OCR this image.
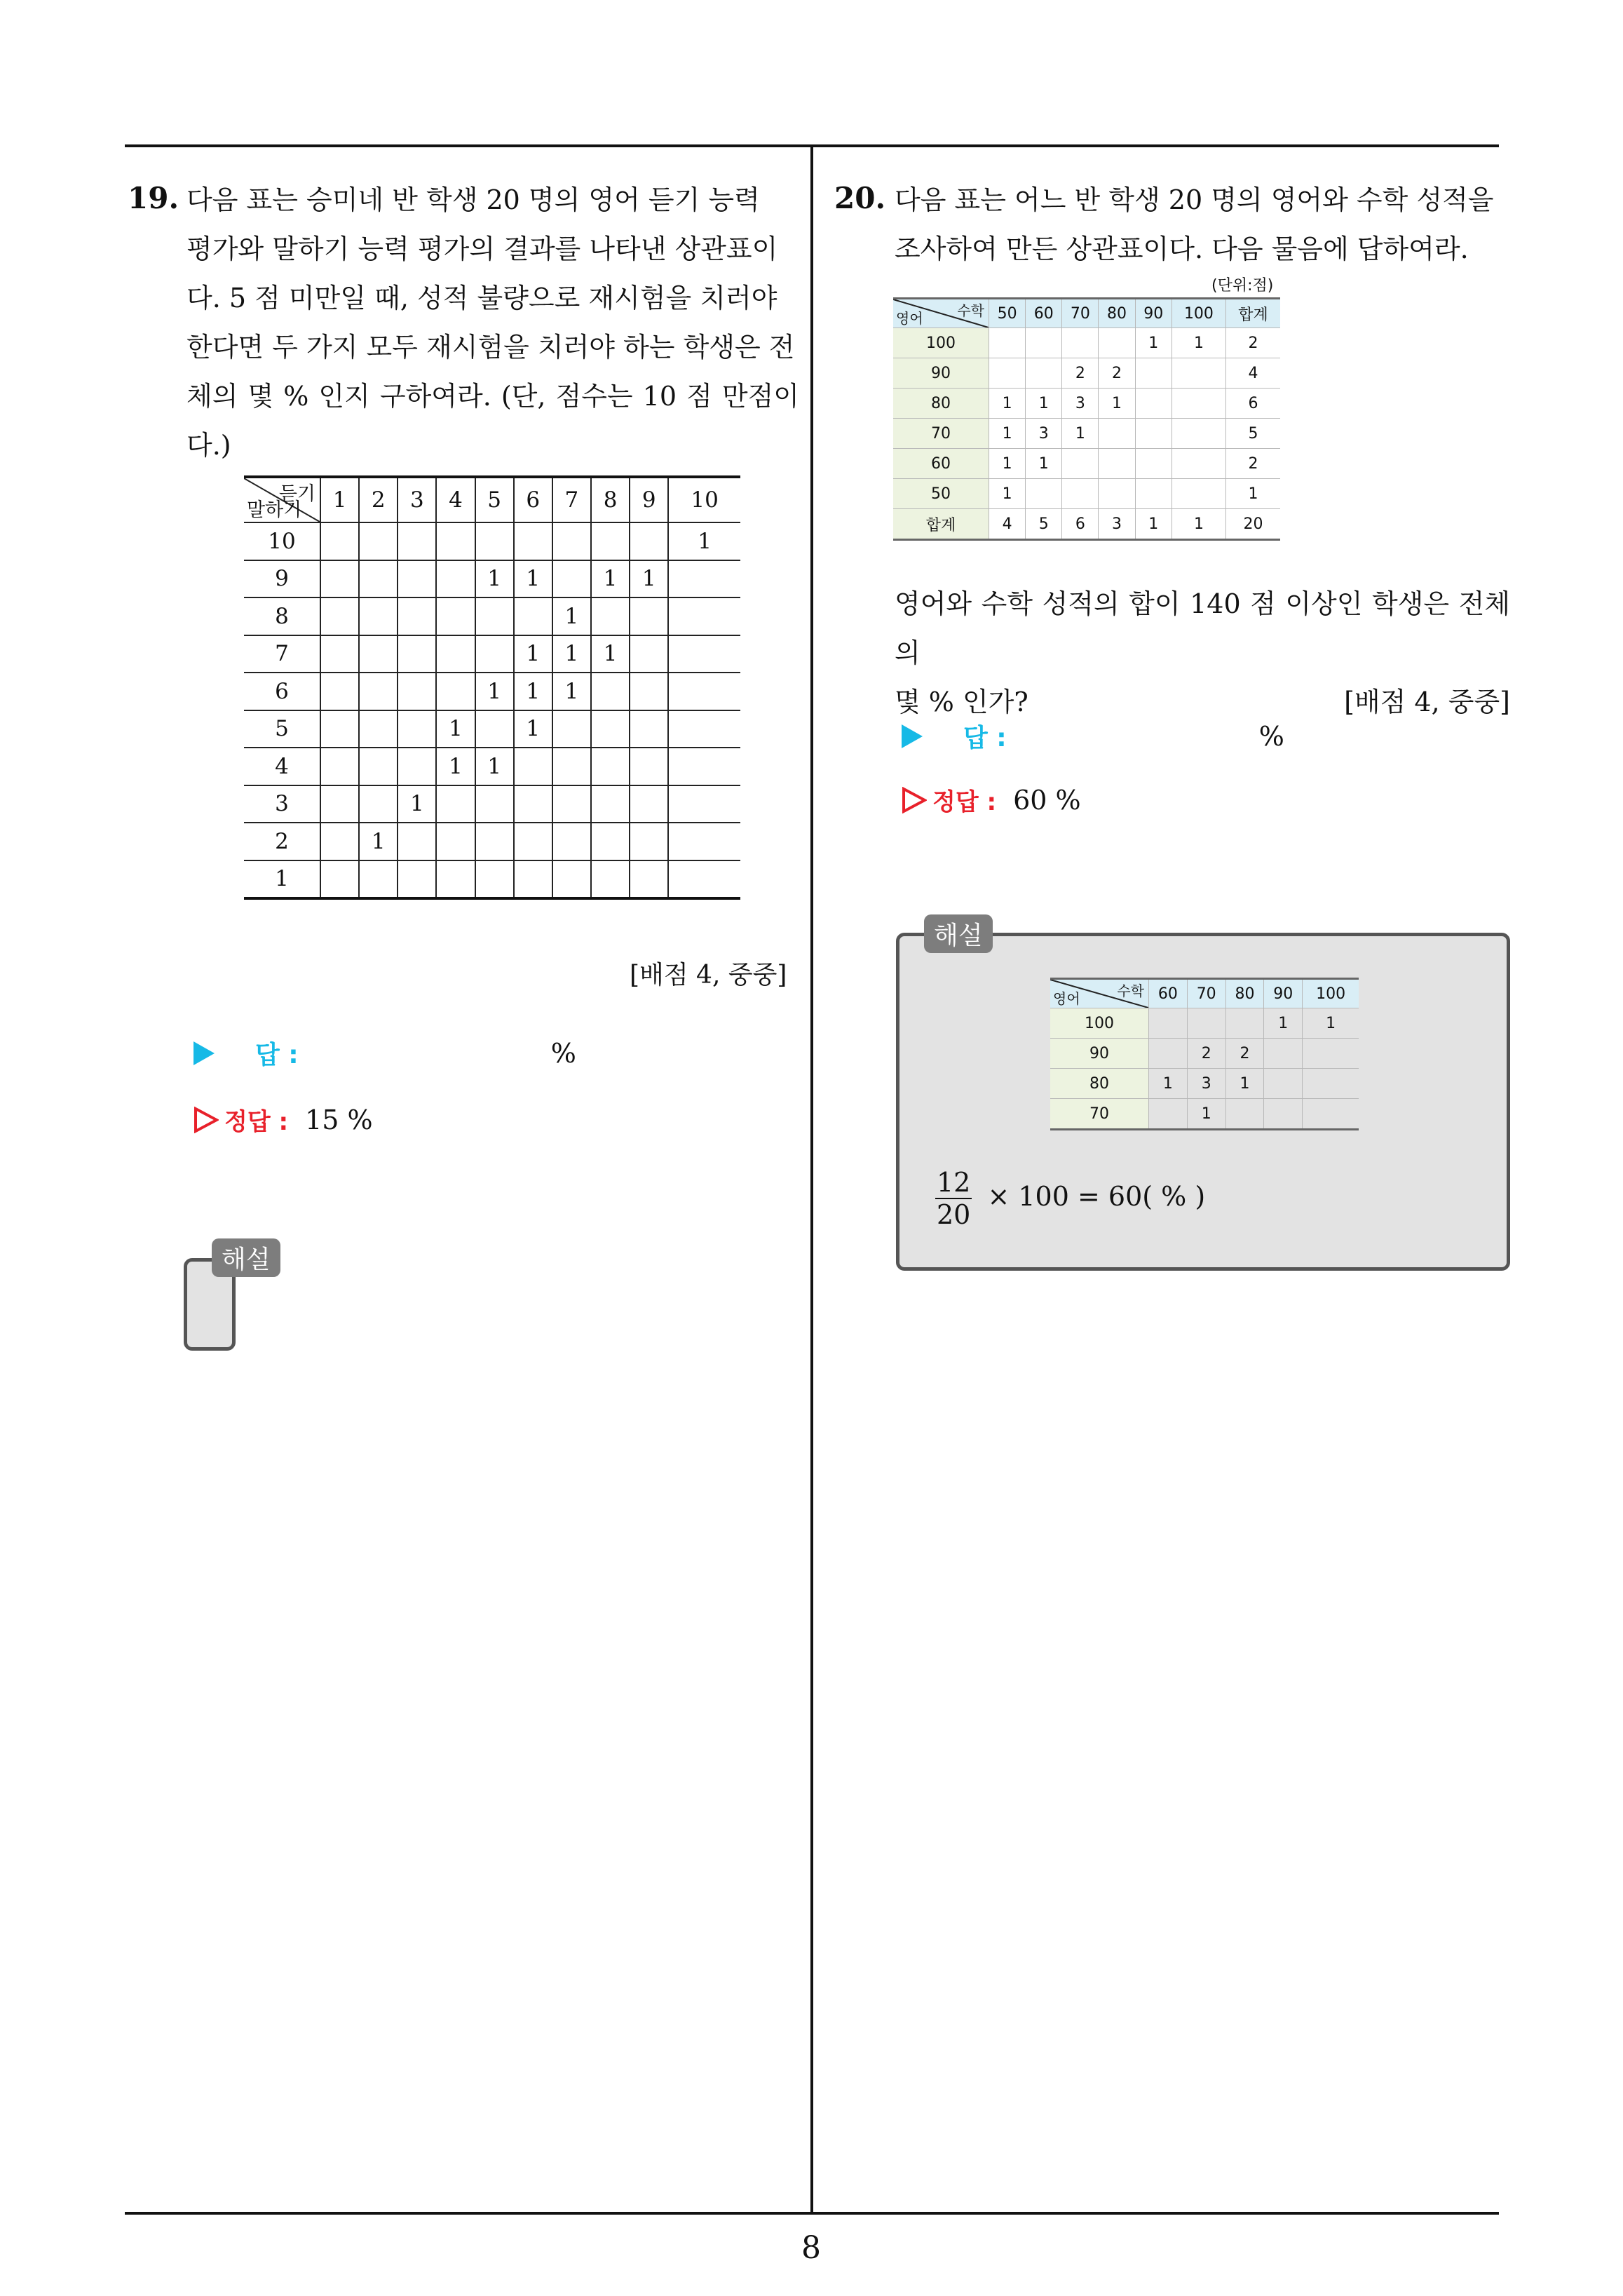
19. 다음 표는 승미네 반 학생 20 명의 영어 듣기 능력

평가와 말하기 능력 평가의 결과를 나타낸 상관표이

다. 5 점 미만일 때, 성적 불량으로 재시험을 치러야

한다면 두 가지 모두 재시험을 치러야 하는 학생은 전

체의 몇 % 인지 구하여라. (단, 점수는 10 점 만점이다.)

듣기
말하기	1	2	3	4	5	6	7	8	9	10
10										1
9					1	1		1	1	
8							1			
7						1	1	1		
6					1	1	1			
5				1		1				
4				1	1					
3			1							
2		1								
1										
[배점 4, 중중]
답 :	%
정답 : 15 %
해설
20. 다음 표는 어느 반 학생 20 명의 영어와 수학 성적을

조사하여 만든 상관표이다. 다음 물음에 답하여라.

(단위:점)
수학
영어	50	60	70	80	90	100	합계
100					1	1	2
90			2	2			4
80	1	1	3	1			6
70	1	3	1				5
60	1	1					2
50	1						1
합계	4	5	6	3	1	1	20

영어와 수학 성적의 합이 140 점 이상인 학생은 전체의

몇 % 인가?	[배점 4, 중중]

답 :	%
정답 : 60 %
해설
수학
영어	60	70	80	90	100
100				1	1
90		2	2		
80	1	3	1		
70		1			
$\frac{12}{20} \times 100 = 60$( % )
8
